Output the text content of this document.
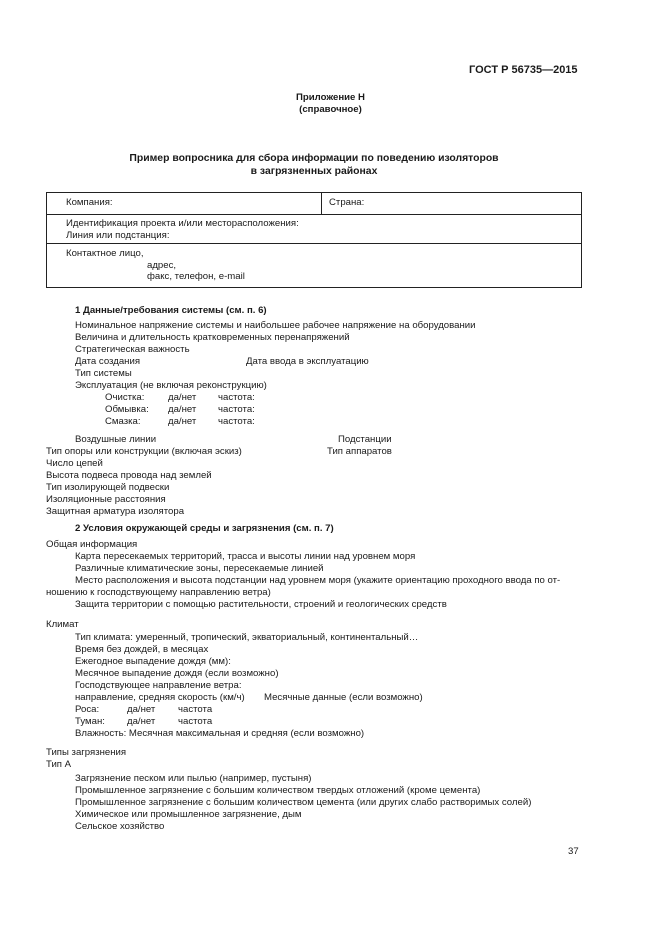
ГОСТ Р 56735—2015
Приложение Н
(справочное)
Пример вопросника для сбора информации по поведению изоляторов
в загрязненных районах
Компания:	Страна:
Идентификация проекта и/или месторасположения:
Линия или подстанция:
Контактное лицо,
адрес,
факс, телефон, e-mail
1 Данные/требования системы (см. п. 6)
Номинальное напряжение системы и наибольшее рабочее напряжение на оборудовании
Величина и длительность кратковременных перенапряжений
Стратегическая важность
Дата создания	Дата ввода в эксплуатацию
Тип системы
Эксплуатация (не включая реконструкцию)
Очистка: да/нет частота:
Обмывка: да/нет частота:
Смазка:	да/нет частота:
Воздушные линии	Подстанции
Тип опоры или конструкции (включая эскиз)	Тип аппаратов
Число цепей
Высота подвеса провода над землей
Тип изолирующей подвески
Изоляционные расстояния
Защитная арматура изолятора
2 Условия окружающей среды и загрязнения (см. п. 7)
Общая информация
Карта пересекаемых территорий, трасса и высоты линии над уровнем моря
Различные климатические зоны, пересекаемые линией
Место расположения и высота подстанции над уровнем моря (укажите ориентацию проходного ввода по от-
ношению к господствующему направлению ветра)
Защита территории с помощью растительности, строений и геологических средств
Климат
Тип климата: умеренный, тропический, экваториальный, континентальный…
Время без дождей, в месяцах
Ежегодное выпадение дождя (мм):
Месячное выпадение дождя (если возможно)
Господствующее направление ветра:
направление, средняя скорость (км/ч) Месячные данные (если возможно)
Роса:	да/нет частота
Туман: да/нет частота
Влажность: Месячная максимальная и средняя (если возможно)
Типы загрязнения
Тип А
Загрязнение песком или пылью (например, пустыня)
Промышленное загрязнение с большим количеством твердых отложений (кроме цемента)
Промышленное загрязнение с большим количеством цемента (или других слабо растворимых солей)
Химическое или промышленное загрязнение, дым
Сельское хозяйство
37
